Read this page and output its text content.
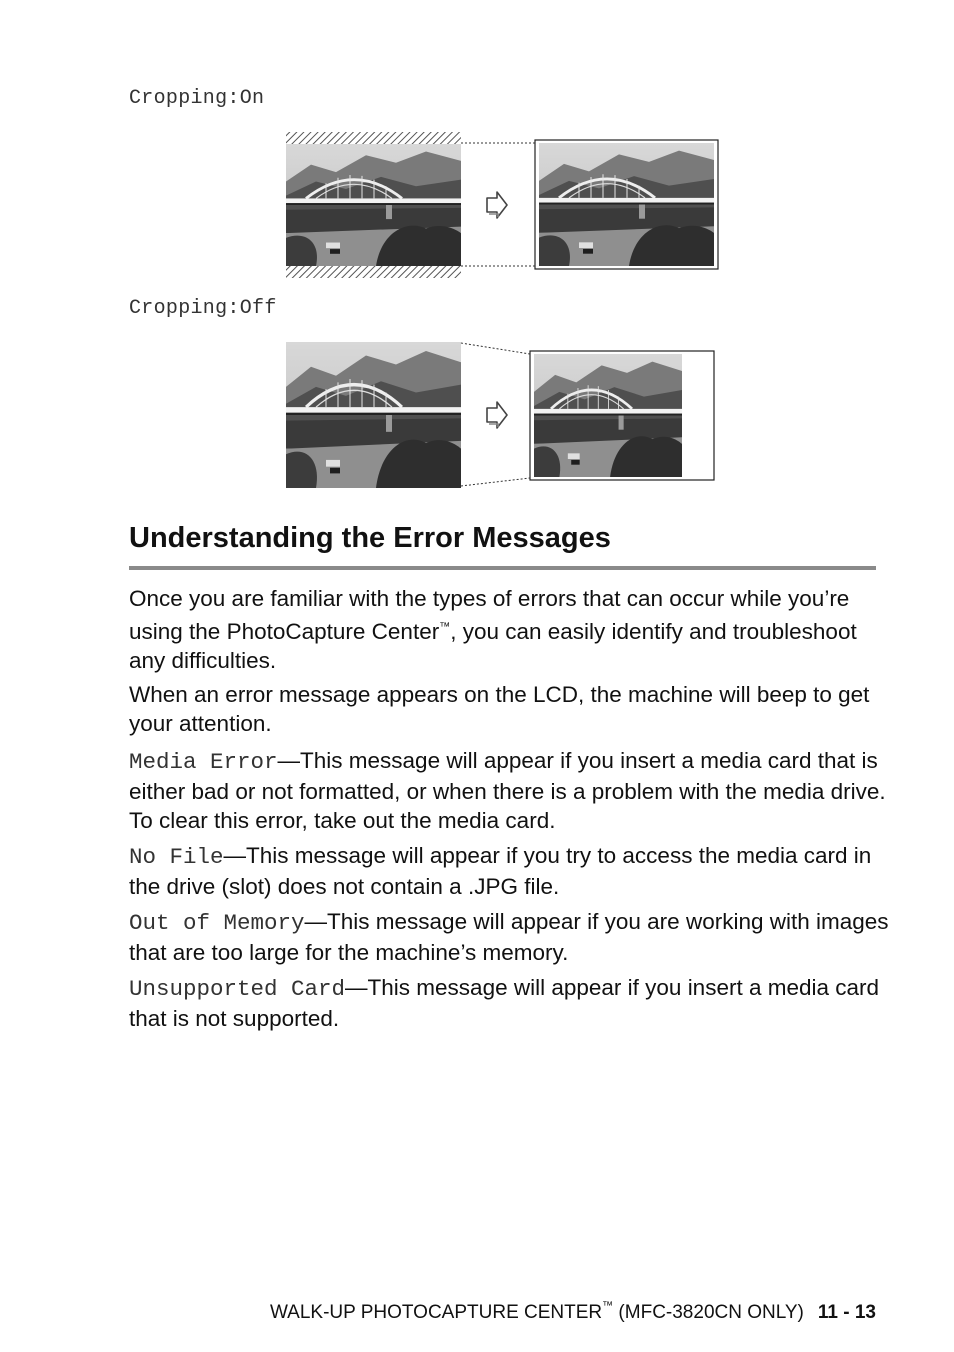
Cropping:On
Cropping:Off
Understanding the Error Messages

Once you are familiar with the types of errors that can occur while you’re using the PhotoCapture Center™, you can easily identify and troubleshoot any difficulties.

When an error message appears on the LCD, the machine will beep to get your attention.

Media Error—This message will appear if you insert a media card that is either bad or not formatted, or when there is a problem with the media drive. To clear this error, take out the media card.

No File—This message will appear if you try to access the media card in the drive (slot) does not contain a .JPG file.

Out of Memory—This message will appear if you are working with images that are too large for the machine’s memory.

Unsupported Card—This message will appear if you insert a media card that is not supported.

WALK-UP PHOTOCAPTURE CENTER™ (MFC-3820CN ONLY) 11 - 13
